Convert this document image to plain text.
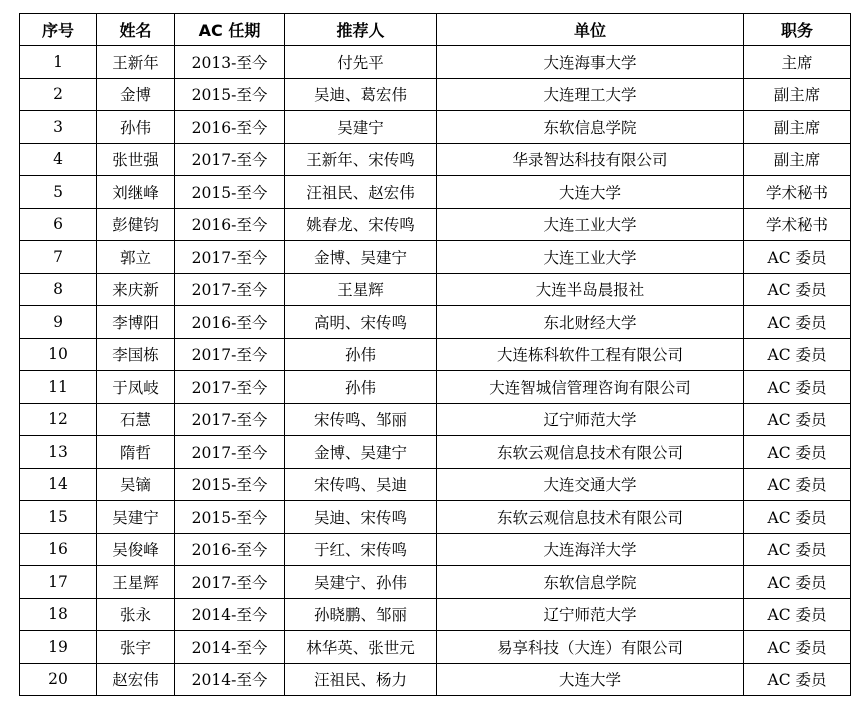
序号	姓名	AC 任期	推荐人	单位	职务
1	王新年	2013-至今	付先平	大连海事大学	主席
2	金博	2015-至今	吴迪、葛宏伟	大连理工大学	副主席
3	孙伟	2016-至今	吴建宁	东软信息学院	副主席
4	张世强	2017-至今	王新年、宋传鸣	华录智达科技有限公司	副主席
5	刘继峰	2015-至今	汪祖民、赵宏伟	大连大学	学术秘书
6	彭健钧	2016-至今	姚春龙、宋传鸣	大连工业大学	学术秘书
7	郭立	2017-至今	金博、吴建宁	大连工业大学	AC 委员
8	来庆新	2017-至今	王星辉	大连半岛晨报社	AC 委员
9	李博阳	2016-至今	高明、宋传鸣	东北财经大学	AC 委员
10	李国栋	2017-至今	孙伟	大连栋科软件工程有限公司	AC 委员
11	于凤岐	2017-至今	孙伟	大连智城信管理咨询有限公司	AC 委员
12	石慧	2017-至今	宋传鸣、邹丽	辽宁师范大学	AC 委员
13	隋哲	2017-至今	金博、吴建宁	东软云观信息技术有限公司	AC 委员
14	吴镝	2015-至今	宋传鸣、吴迪	大连交通大学	AC 委员
15	吴建宁	2015-至今	吴迪、宋传鸣	东软云观信息技术有限公司	AC 委员
16	吴俊峰	2016-至今	于红、宋传鸣	大连海洋大学	AC 委员
17	王星辉	2017-至今	吴建宁、孙伟	东软信息学院	AC 委员
18	张永	2014-至今	孙晓鹏、邹丽	辽宁师范大学	AC 委员
19	张宇	2014-至今	林华英、张世元	易享科技（大连）有限公司	AC 委员
20	赵宏伟	2014-至今	汪祖民、杨力	大连大学	AC 委员
